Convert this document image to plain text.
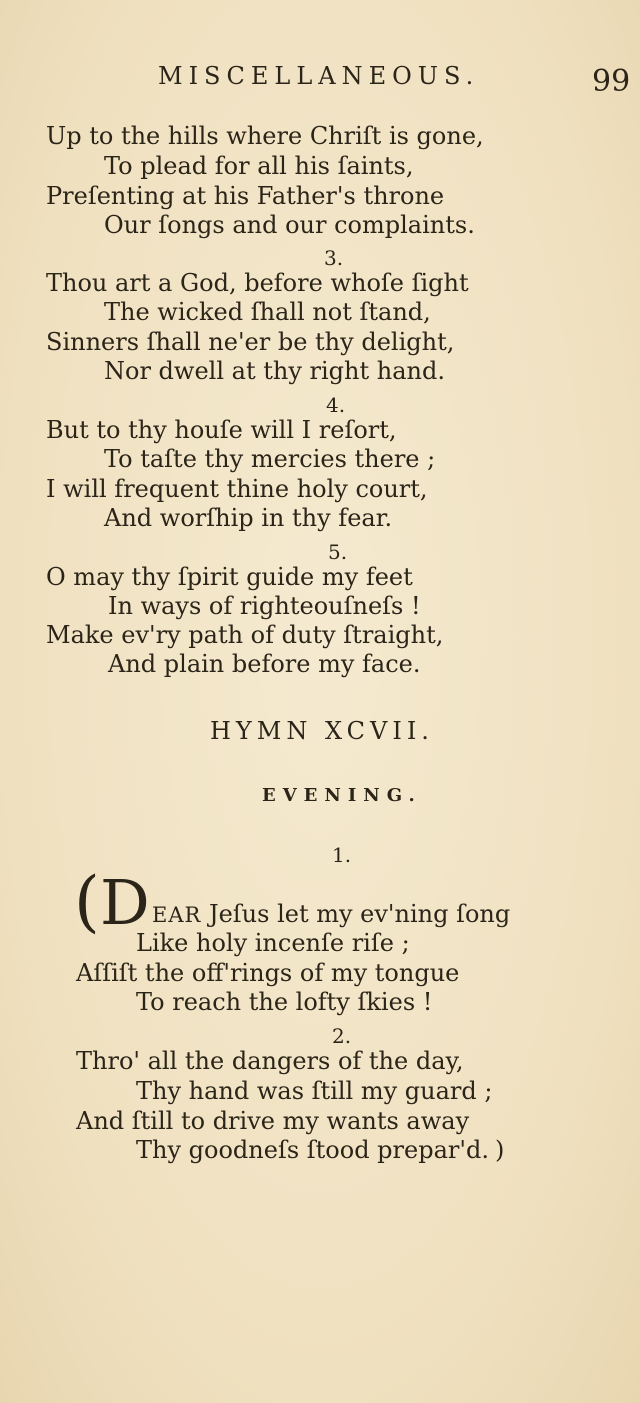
MISCELLANEOUS.	99
Up to the hills where Chriſt is gone,
To plead for all his ſaints,
Preſenting at his Father's throne
Our ſongs and our complaints.
3.
Thou art a God, before whoſe ſight
The wicked ſhall not ſtand,
Sinners ſhall ne'er be thy delight,
Nor dwell at thy right hand.
4.
But to thy houſe will I reſort,
To taſte thy mercies there ;
I will frequent thine holy court,
And worſhip in thy fear.
5.
O may thy ſpirit guide my feet
In ways of righteouſneſs !
Make ev'ry path of duty ſtraight,
And plain before my face.
HYMN XCVII.
EVENING.
1.
( D EAR Jeſus let my ev'ning ſong
Like holy incenſe riſe ;
Aſſiſt the off'rings of my tongue
To reach the lofty ſkies !
2.
Thro' all the dangers of the day,
Thy hand was ſtill my guard ;
And ſtill to drive my wants away
Thy goodneſs ſtood prepar'd. )
